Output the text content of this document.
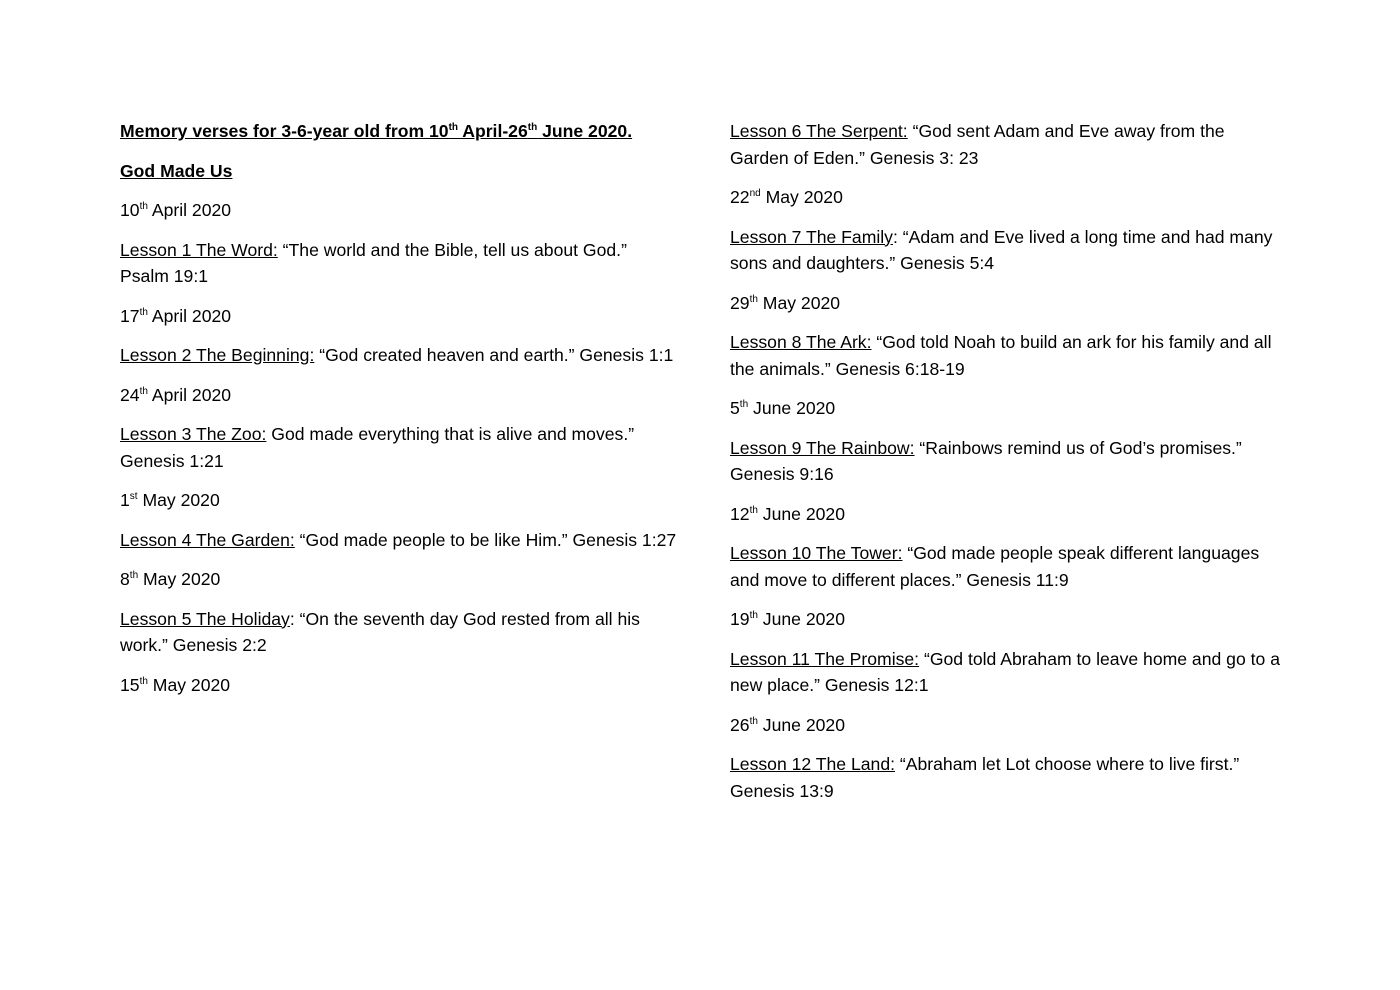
Memory verses for 3-6-year old from 10th April-26th June 2020.

God Made Us

10th April 2020

Lesson 1 The Word: “The world and the Bible, tell us about God.” Psalm 19:1

17th April 2020

Lesson 2 The Beginning: “God created heaven and earth.” Genesis 1:1

24th April 2020

Lesson 3 The Zoo: God made everything that is alive and moves.” Genesis 1:21

1st May 2020

Lesson 4 The Garden: “God made people to be like Him.” Genesis 1:27

8th May 2020

Lesson 5 The Holiday: “On the seventh day God rested from all his work.” Genesis 2:2

15th May 2020

Lesson 6 The Serpent: “God sent Adam and Eve away from the Garden of Eden.” Genesis 3: 23

22nd May 2020

Lesson 7 The Family: “Adam and Eve lived a long time and had many sons and daughters.” Genesis 5:4

29th May 2020

Lesson 8 The Ark: “God told Noah to build an ark for his family and all the animals.” Genesis 6:18-19

5th June 2020

Lesson 9 The Rainbow: “Rainbows remind us of God’s promises.” Genesis 9:16

12th June 2020

Lesson 10 The Tower: “God made people speak different languages and move to different places.” Genesis 11:9

19th June 2020

Lesson 11 The Promise: “God told Abraham to leave home and go to a new place.” Genesis 12:1

26th June 2020

Lesson 12 The Land: “Abraham let Lot choose where to live first.” Genesis 13:9
